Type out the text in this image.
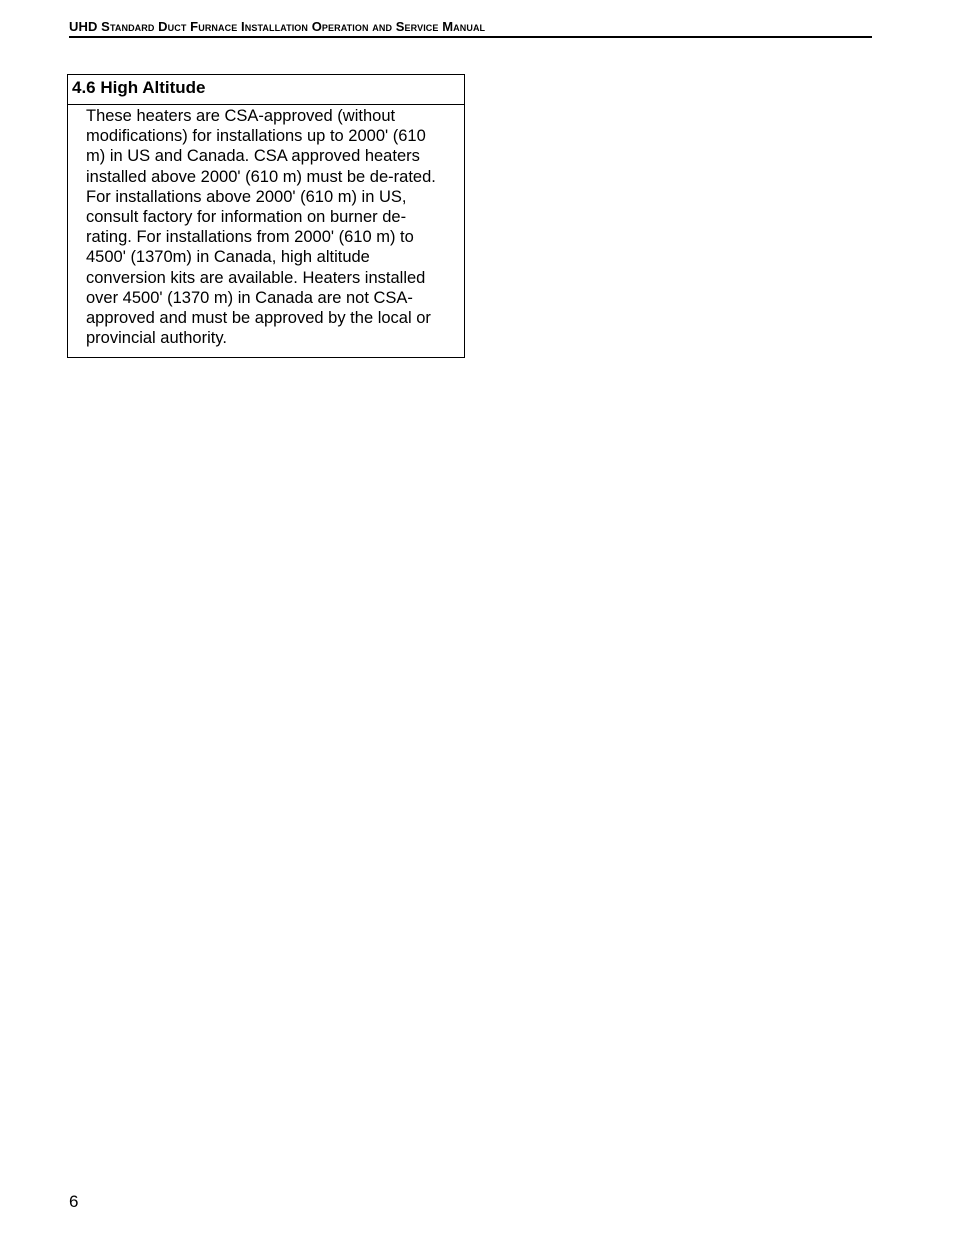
UHD Standard Duct Furnace Installation Operation and Service Manual
4.6 High Altitude
These heaters are CSA-approved (without
modifications) for installations up to 2000' (610
m) in US and Canada. CSA approved heaters
installed above 2000' (610 m) must be de-rated.
For installations above 2000' (610 m) in US,
consult factory for information on burner de-
rating. For installations from 2000' (610 m) to
4500' (1370m) in Canada, high altitude
conversion kits are available. Heaters installed
over 4500' (1370 m) in Canada are not CSA-
approved and must be approved by the local or
provincial authority.
6
